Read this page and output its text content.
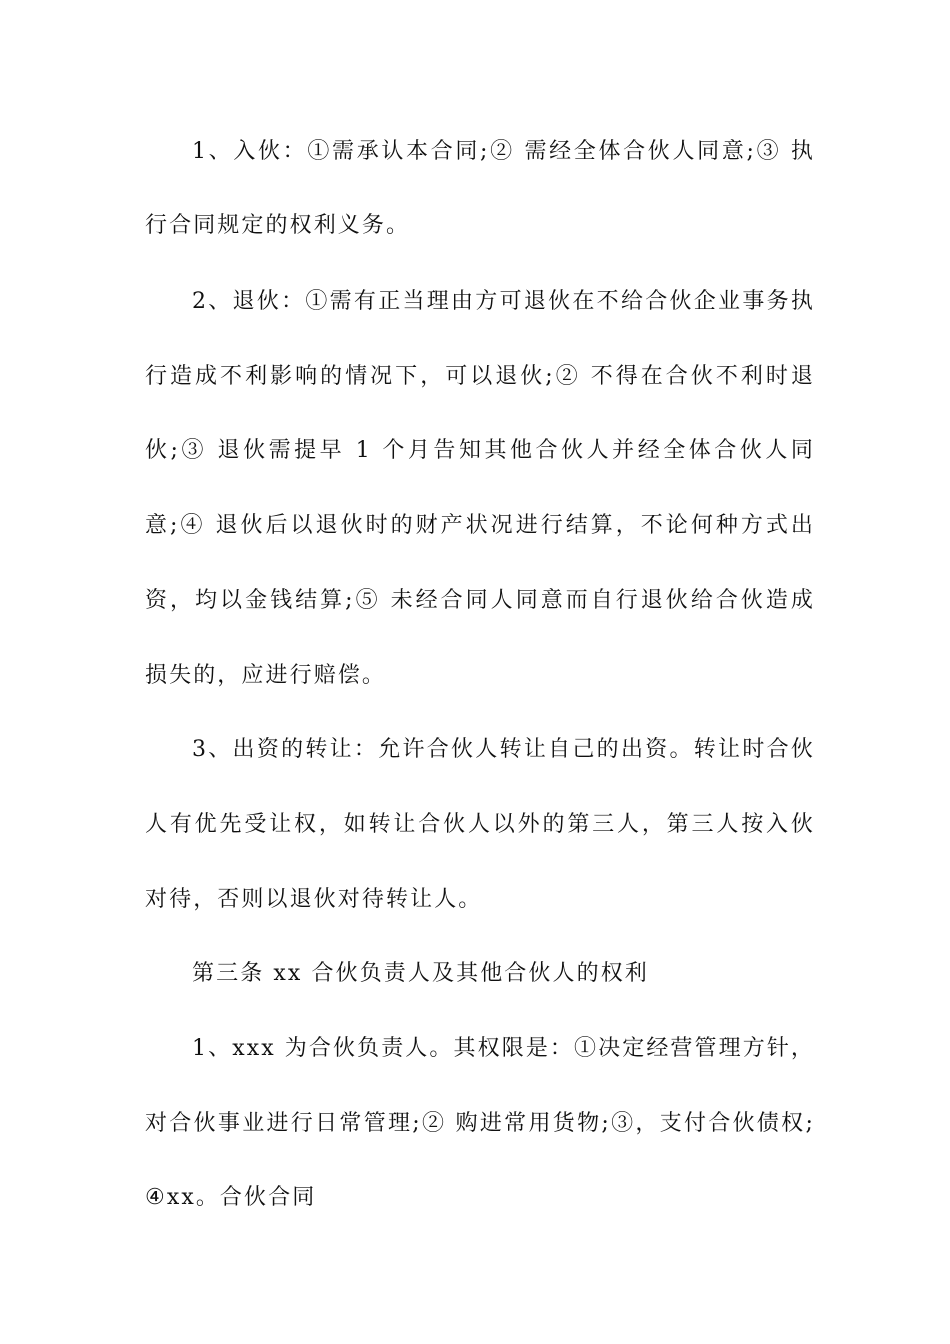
1、入伙：①需承认本合同;② 需经全体合伙人同意;③ 执
行合同规定的权利义务。
2、退伙：①需有正当理由方可退伙在不给合伙企业事务执
行造成不利影响的情况下，可以退伙;② 不得在合伙不利时退
伙;③ 退伙需提早 1 个月告知其他合伙人并经全体合伙人同
意;④ 退伙后以退伙时的财产状况进行结算，不论何种方式出
资，均以金钱结算;⑤ 未经合同人同意而自行退伙给合伙造成
损失的，应进行赔偿。
3、出资的转让：允许合伙人转让自己的出资。转让时合伙
人有优先受让权，如转让合伙人以外的第三人，第三人按入伙
对待，否则以退伙对待转让人。
第三条 xx 合伙负责人及其他合伙人的权利
1、xxx 为合伙负责人。其权限是：①决定经营管理方针，
对合伙事业进行日常管理;② 购进常用货物;③，支付合伙债权;
④xx。合伙合同
